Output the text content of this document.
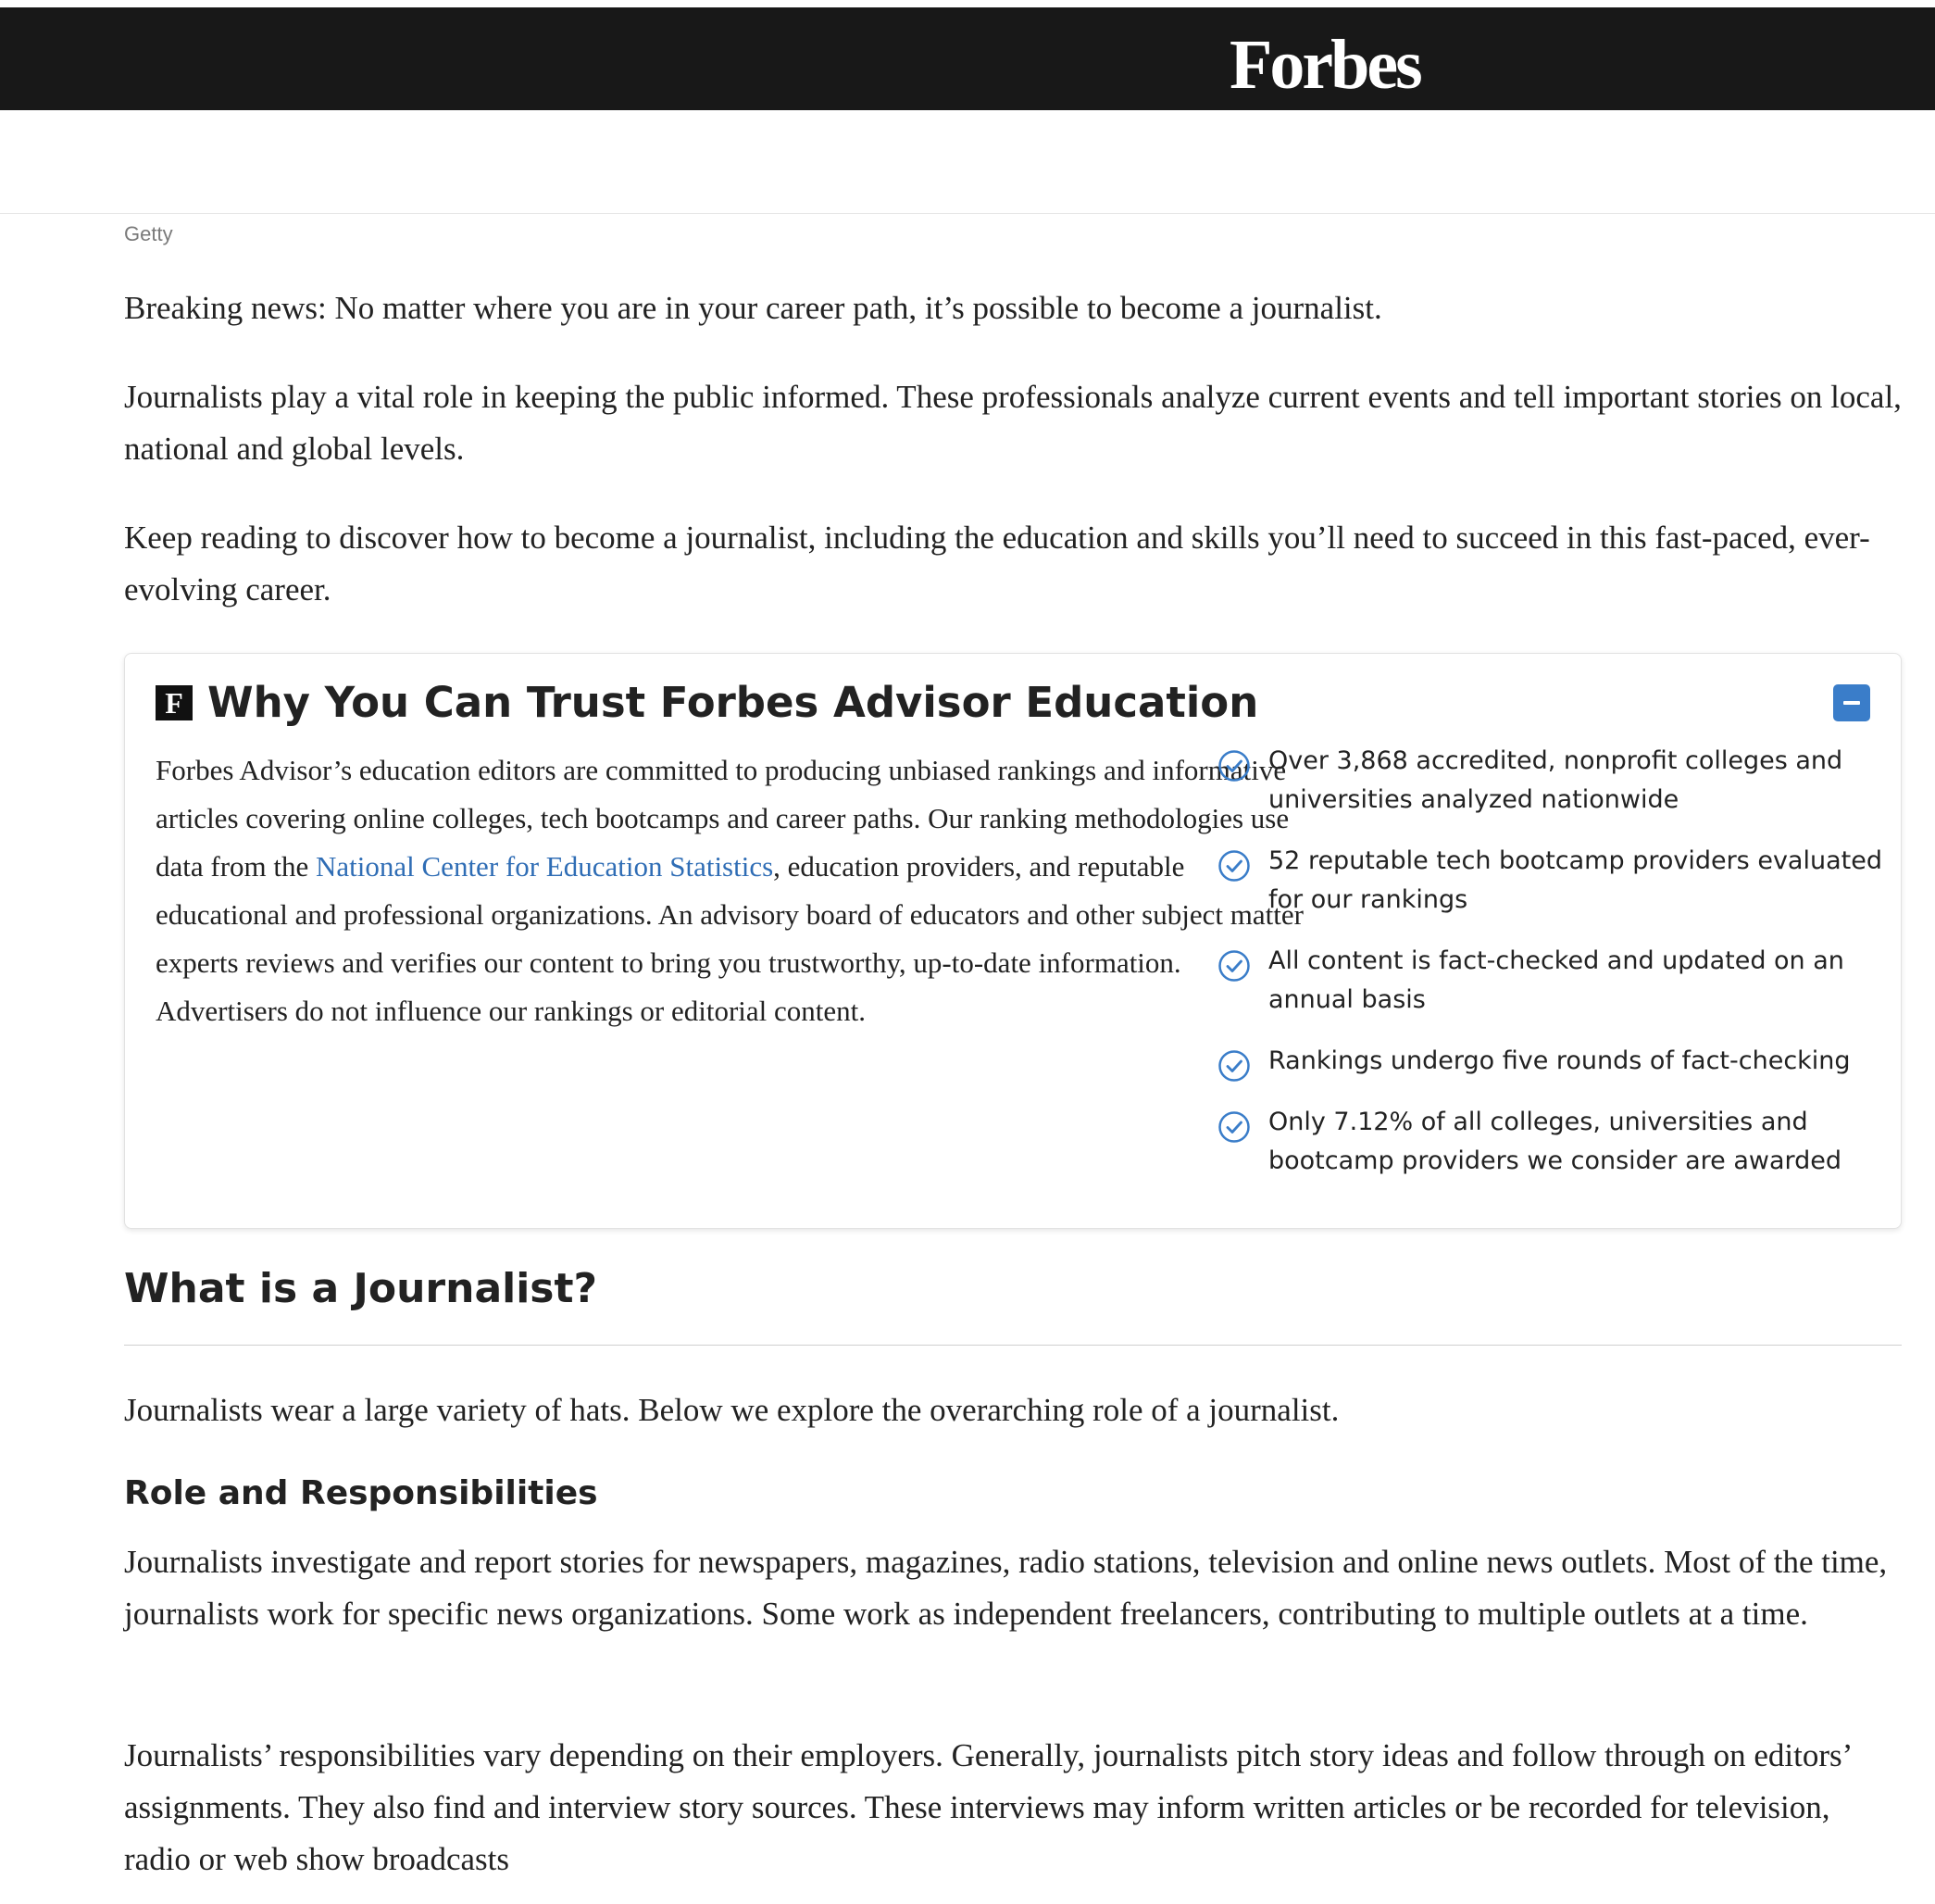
Forbes
Getty

Breaking news: No matter where you are in your career path, it’s possible to become a journalist.

Journalists play a vital role in keeping the public informed. These professionals analyze current events and tell important stories on local, national and global levels.

Keep reading to discover how to become a journalist, including the education and skills you’ll need to succeed in this fast-paced, ever-evolving career.

F Why You Can Trust Forbes Advisor Education

Forbes Advisor’s education editors are committed to producing unbiased rankings and informative articles covering online colleges, tech bootcamps and career paths. Our ranking methodologies use data from the National Center for Education Statistics, education providers, and reputable educational and professional organizations. An advisory board of educators and other subject matter experts reviews and verifies our content to bring you trustworthy, up-to-date information. Advertisers do not influence our rankings or editorial content.

Over 3,868 accredited, nonprofit colleges and universities analyzed nationwide
52 reputable tech bootcamp providers evaluated for our rankings
All content is fact-checked and updated on an annual basis
Rankings undergo five rounds of fact-checking
Only 7.12% of all colleges, universities and bootcamp providers we consider are awarded
What is a Journalist?

Journalists wear a large variety of hats. Below we explore the overarching role of a journalist.

Role and Responsibilities

Journalists investigate and report stories for newspapers, magazines, radio stations, television and online news outlets. Most of the time, journalists work for specific news organizations. Some work as independent freelancers, contributing to multiple outlets at a time.

Journalists’ responsibilities vary depending on their employers. Generally, journalists pitch story ideas and follow through on editors’ assignments. They also find and interview story sources. These interviews may inform written articles or be recorded for television, radio or web show broadcasts
